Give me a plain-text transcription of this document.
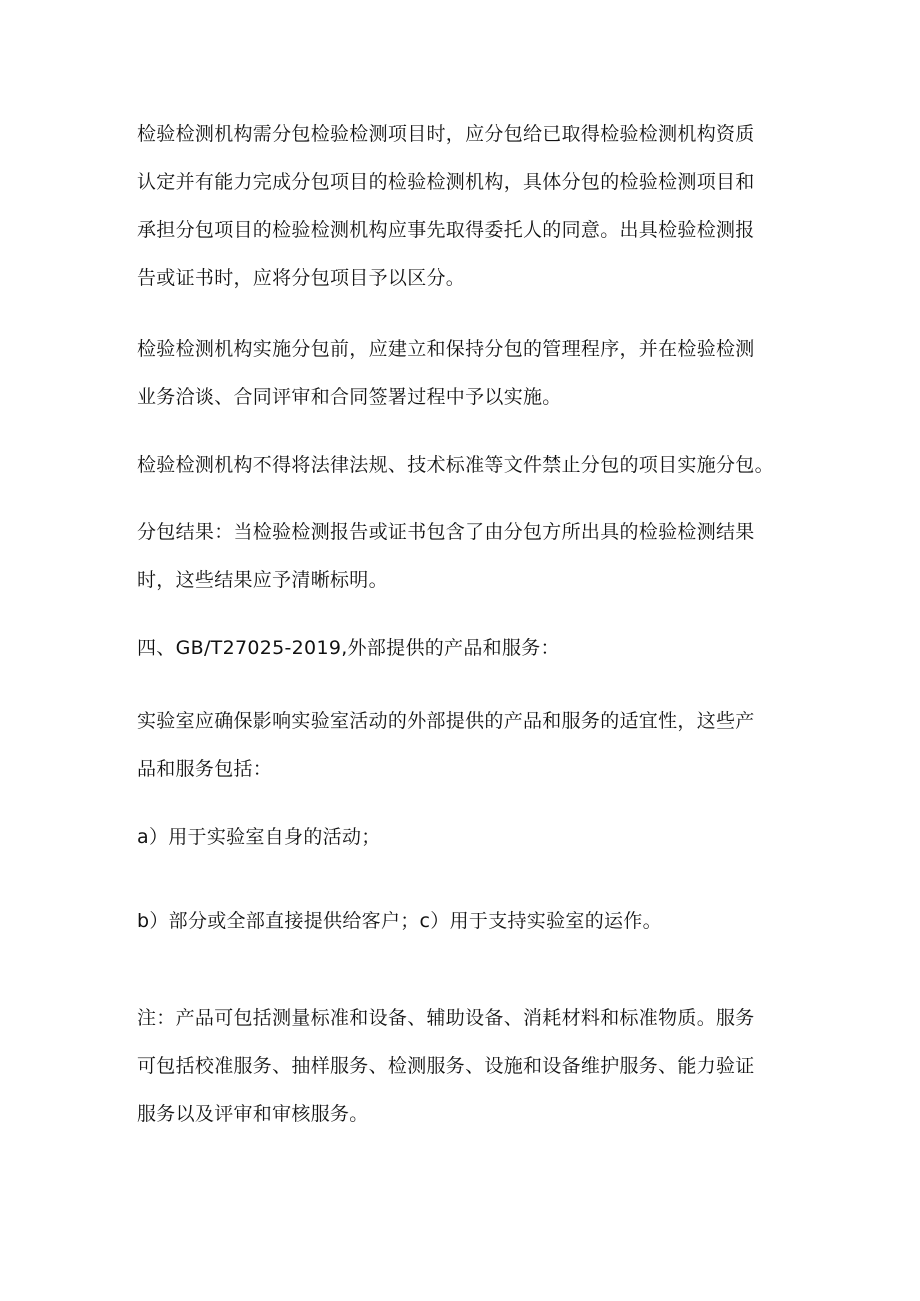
检验检测机构需分包检验检测项目时，应分包给已取得检验检测机构资质
认定并有能力完成分包项目的检验检测机构，具体分包的检验检测项目和
承担分包项目的检验检测机构应事先取得委托人的同意。出具检验检测报
告或证书时，应将分包项目予以区分。

检验检测机构实施分包前，应建立和保持分包的管理程序，并在检验检测
业务洽谈、合同评审和合同签署过程中予以实施。

检验检测机构不得将法律法规、技术标准等文件禁止分包的项目实施分包。

分包结果：当检验检测报告或证书包含了由分包方所出具的检验检测结果
时，这些结果应予清晰标明。

四、GB/T27025-2019,外部提供的产品和服务：

实验室应确保影响实验室活动的外部提供的产品和服务的适宜性，这些产
品和服务包括：

a）用于实验室自身的活动；

b）部分或全部直接提供给客户；c）用于支持实验室的运作。

注：产品可包括测量标准和设备、辅助设备、消耗材料和标准物质。服务
可包括校准服务、抽样服务、检测服务、设施和设备维护服务、能力验证
服务以及评审和审核服务。
